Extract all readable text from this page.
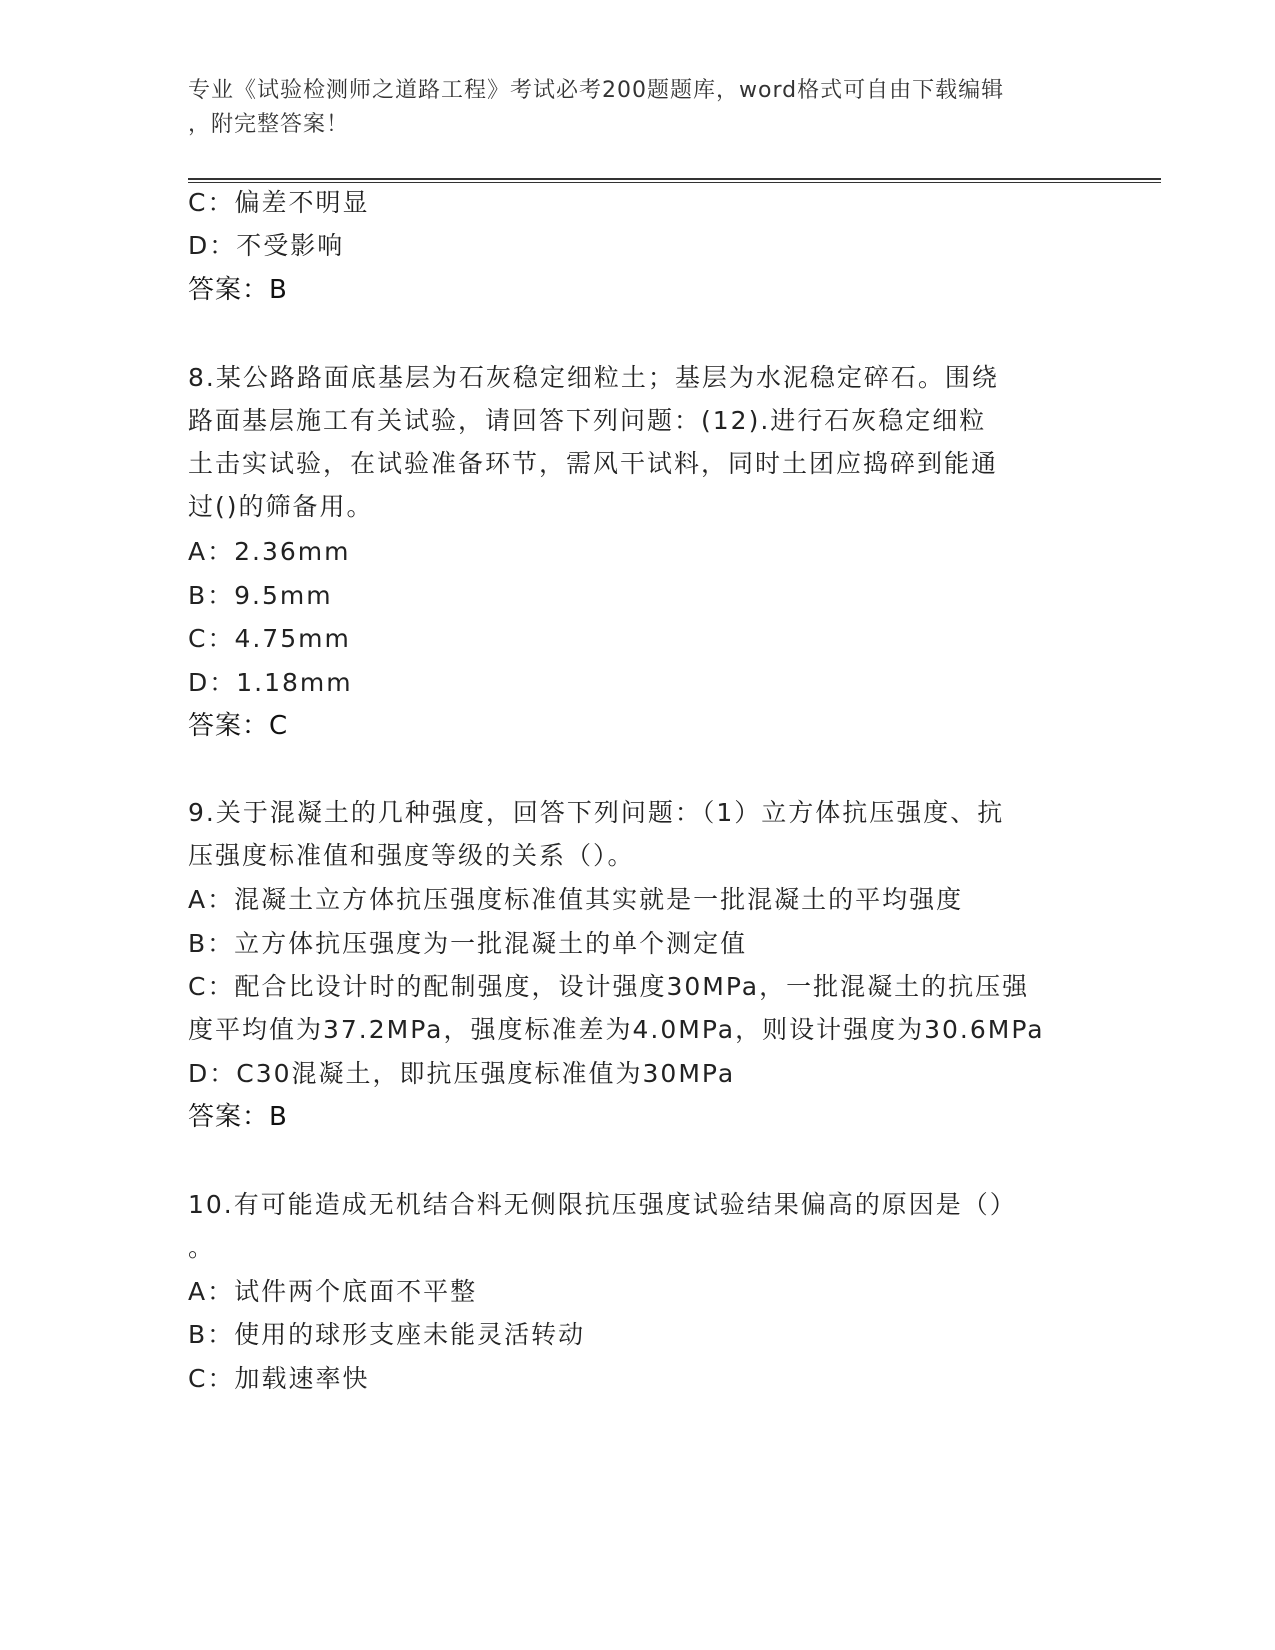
专业《试验检测师之道路工程》考试必考200题题库，word格式可自由下载编辑
，附完整答案！
C：偏差不明显
D：不受影响
答案：B
8.某公路路面底基层为石灰稳定细粒土；基层为水泥稳定碎石。围绕
路面基层施工有关试验，请回答下列问题：(12).进行石灰稳定细粒
土击实试验，在试验准备环节，需风干试料，同时土团应捣碎到能通
过()的筛备用。
A：2.36mm
B：9.5mm
C：4.75mm
D：1.18mm
答案：C
9.关于混凝土的几种强度，回答下列问题：（1）立方体抗压强度、抗
压强度标准值和强度等级的关系（）。
A：混凝土立方体抗压强度标准值其实就是一批混凝土的平均强度
B：立方体抗压强度为一批混凝土的单个测定值
C：配合比设计时的配制强度，设计强度30MPa，一批混凝土的抗压强
度平均值为37.2MPa，强度标准差为4.0MPa，则设计强度为30.6MPa
D：C30混凝土，即抗压强度标准值为30MPa
答案：B
10.有可能造成无机结合料无侧限抗压强度试验结果偏高的原因是（）
。
A：试件两个底面不平整
B：使用的球形支座未能灵活转动
C：加载速率快
